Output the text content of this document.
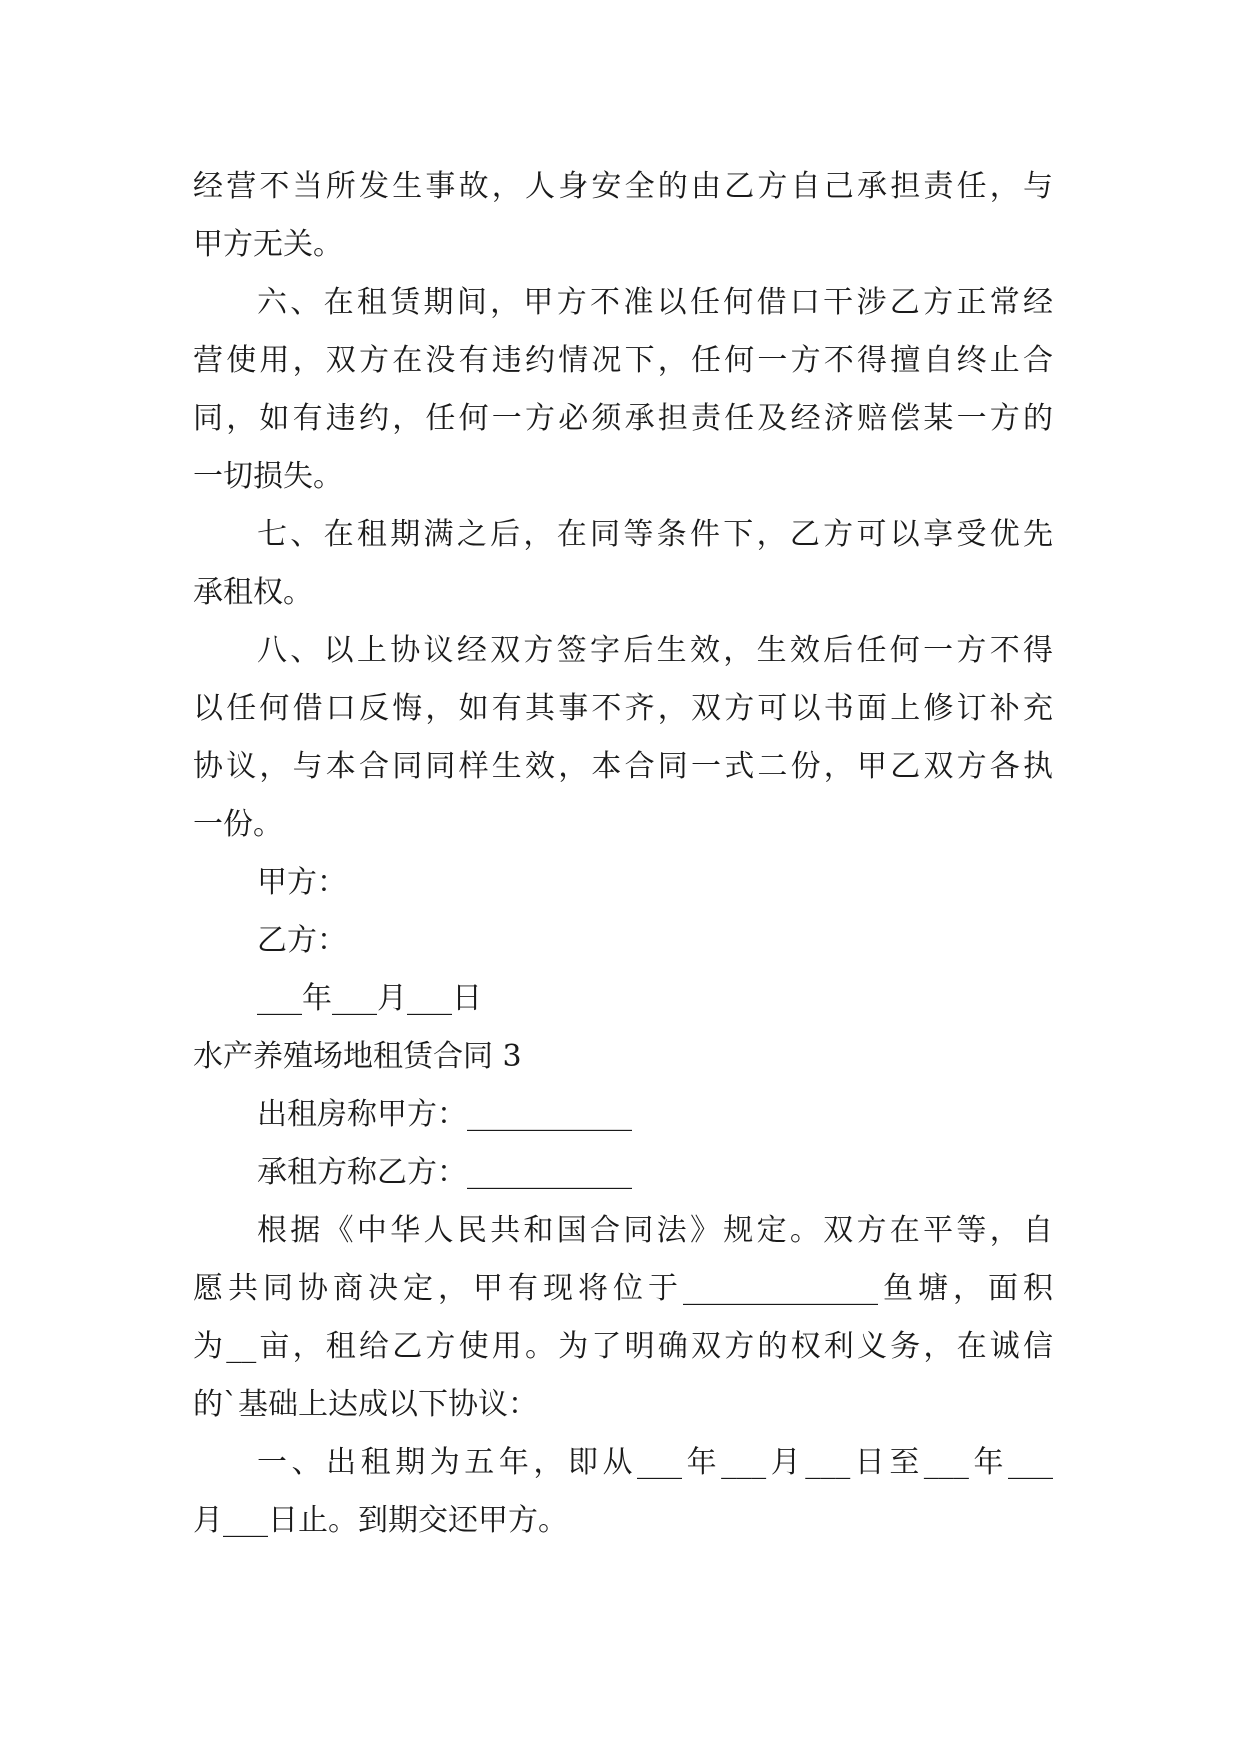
经营不当所发生事故，人身安全的由乙方自己承担责任，与
甲方无关。
六、在租赁期间，甲方不准以任何借口干涉乙方正常经
营使用，双方在没有违约情况下，任何一方不得擅自终止合
同，如有违约，任何一方必须承担责任及经济赔偿某一方的
一切损失。
七、在租期满之后，在同等条件下，乙方可以享受优先
承租权。
八、以上协议经双方签字后生效，生效后任何一方不得
以任何借口反悔，如有其事不齐，双方可以书面上修订补充
协议，与本合同同样生效，本合同一式二份，甲乙双方各执
一份。
甲方：
乙方：
___年___月___日
水产养殖场地租赁合同 3
出租房称甲方：___________
承租方称乙方：___________
根据《中华人民共和国合同法》规定。双方在平等，自
愿共同协商决定，甲有现将位于_____________鱼塘，面积
为__亩，租给乙方使用。为了明确双方的权利义务，在诚信
的`基础上达成以下协议：
一、出租期为五年，即从___年___月___日至___年___
月___日止。到期交还甲方。
